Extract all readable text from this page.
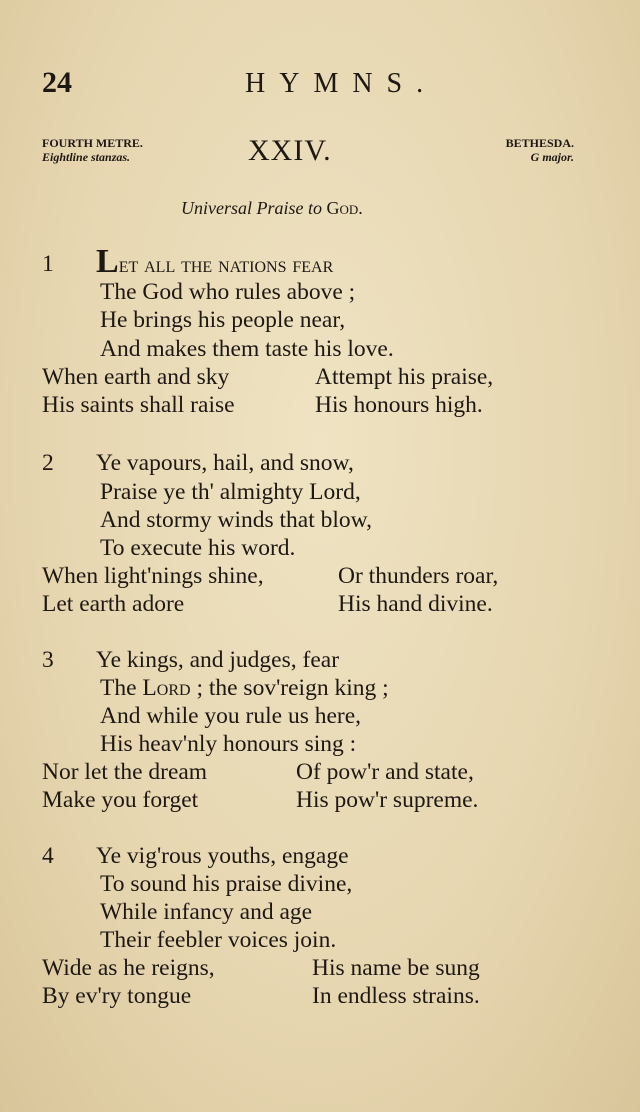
24	HYMNS.
FOURTH METRE.
Eightline stanzas.	XXIV.	BETHESDA.
G major.
Universal Praise to God.
1 Let all the nations fear
The God who rules above ;
He brings his people near,
And makes them taste his love.
When earth and sky	Attempt his praise,
His saints shall raise	His honours high.
2 Ye vapours, hail, and snow,
Praise ye th' almighty Lord,
And stormy winds that blow,
To execute his word.
When light'nings shine,	Or thunders roar,
Let earth adore	His hand divine.
3 Ye kings, and judges, fear
The Lord ; the sov'reign king ;
And while you rule us here,
His heav'nly honours sing :
Nor let the dream	Of pow'r and state,
Make you forget	His pow'r supreme.
4 Ye vig'rous youths, engage
To sound his praise divine,
While infancy and age
Their feebler voices join.
Wide as he reigns,	His name be sung
By ev'ry tongue	In endless strains.
